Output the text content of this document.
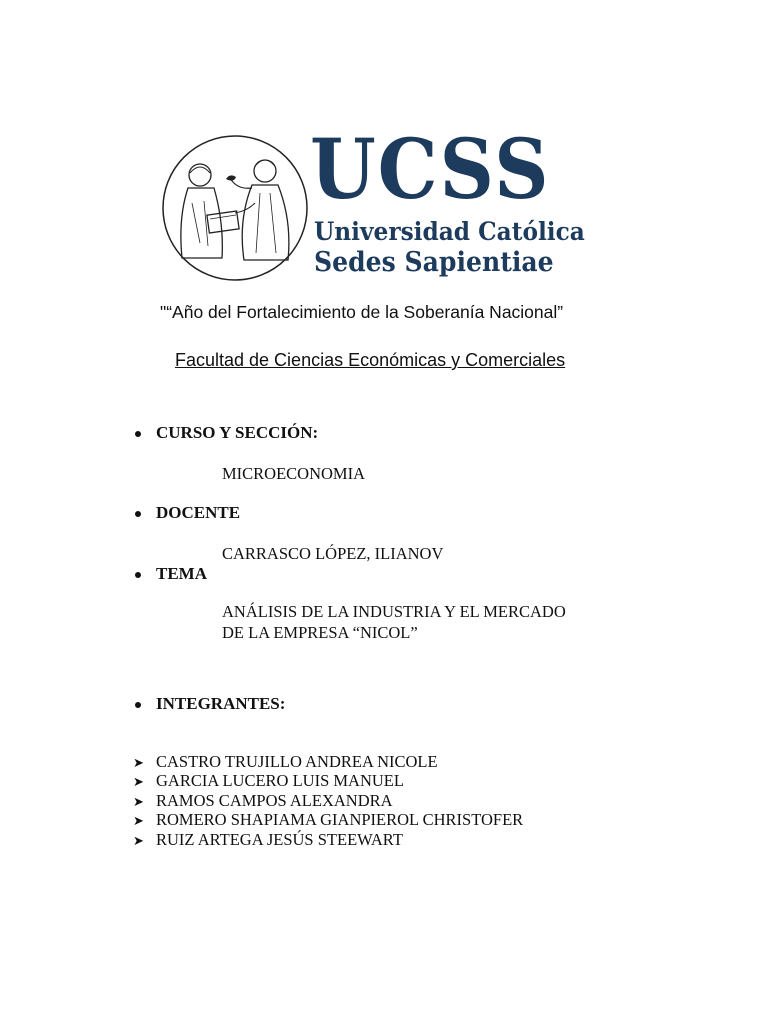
UCSS
Universidad Católica
Sedes Sapientiae
"“Año del Fortalecimiento de la Soberanía Nacional”
Facultad de Ciencias Económicas y Comerciales
CURSO Y SECCIÓN:
MICROECONOMIA
DOCENTE
CARRASCO LÓPEZ, ILIANOV
TEMA
ANÁLISIS DE LA INDUSTRIA Y EL MERCADO
DE LA EMPRESA “NICOL”
INTEGRANTES:
➤ CASTRO TRUJILLO ANDREA NICOLE
➤ GARCIA LUCERO LUIS MANUEL
➤ RAMOS CAMPOS ALEXANDRA
➤ ROMERO SHAPIAMA GIANPIEROL CHRISTOFER
➤ RUIZ ARTEGA JESÚS STEEWART
